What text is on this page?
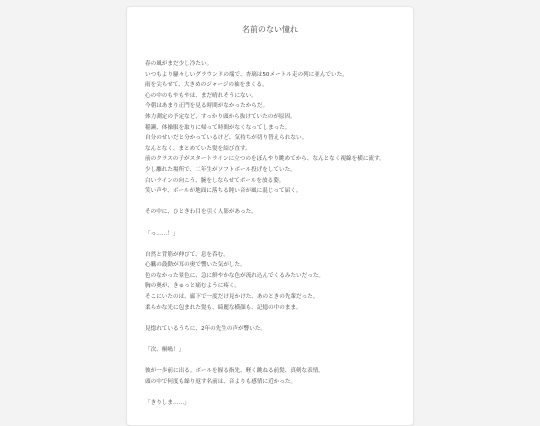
名前のない憧れ
春の風がまだ少し冷たい。
いつもより騒々しいグラウンドの端で、杏璃は50メートル走の列に並んでいた。
雨を尖らせて、大きめのジャージの袖をまくる。
心の中のもやもやは、まだ晴れそうにない。
今朝はあまり正門を見る時間がなかったからだ。
体力測定の予定など、すっかり頭から抜けていたのが原因。
稲瀬、体操服を取りに帰って時間がなくなってしまった。
自分のせいだと分かっているけど、気持ちが切り替えられない。
なんとなく、まとめていた髪を結び直す。
前のクラスの子がスタートラインに立つのをぼんやり眺めてから、なんとなく視線を横に流す。
少し離れた場所で、二年生がソフトボール投げをしていた。
白いラインの向こう、腕をしならせてボールを放る姿。
笑い声や、ボールが地面に落ちる鈍い音が風に混じって届く。
その中に、ひときわ目を引く人影があった。
「っ……！」
自然と背筋が伸びて、息を呑む。
心臓の鼓動が耳の奥で響いた気がした。
色のなかった景色に、急に鮮やかな色が流れ込んでくるみたいだった。
胸の奥が、きゅっと痛むように疼く。
そこにいたのは、廊下で一度だけ見かけた、あのときの先輩だった。
柔らかな光に包まれた髪も、綺麗な横顔も、記憶の中のまま。
見惚れているうちに、2年の先生の声が響いた。
「次、桐嶋！」
彼が一歩前に出る。ボールを握る指先、軽く跳ねる前髪、真剣な表情。
頭の中で何度も繰り返す名前は、音よりも感情に近かった。
「きりしま……」
